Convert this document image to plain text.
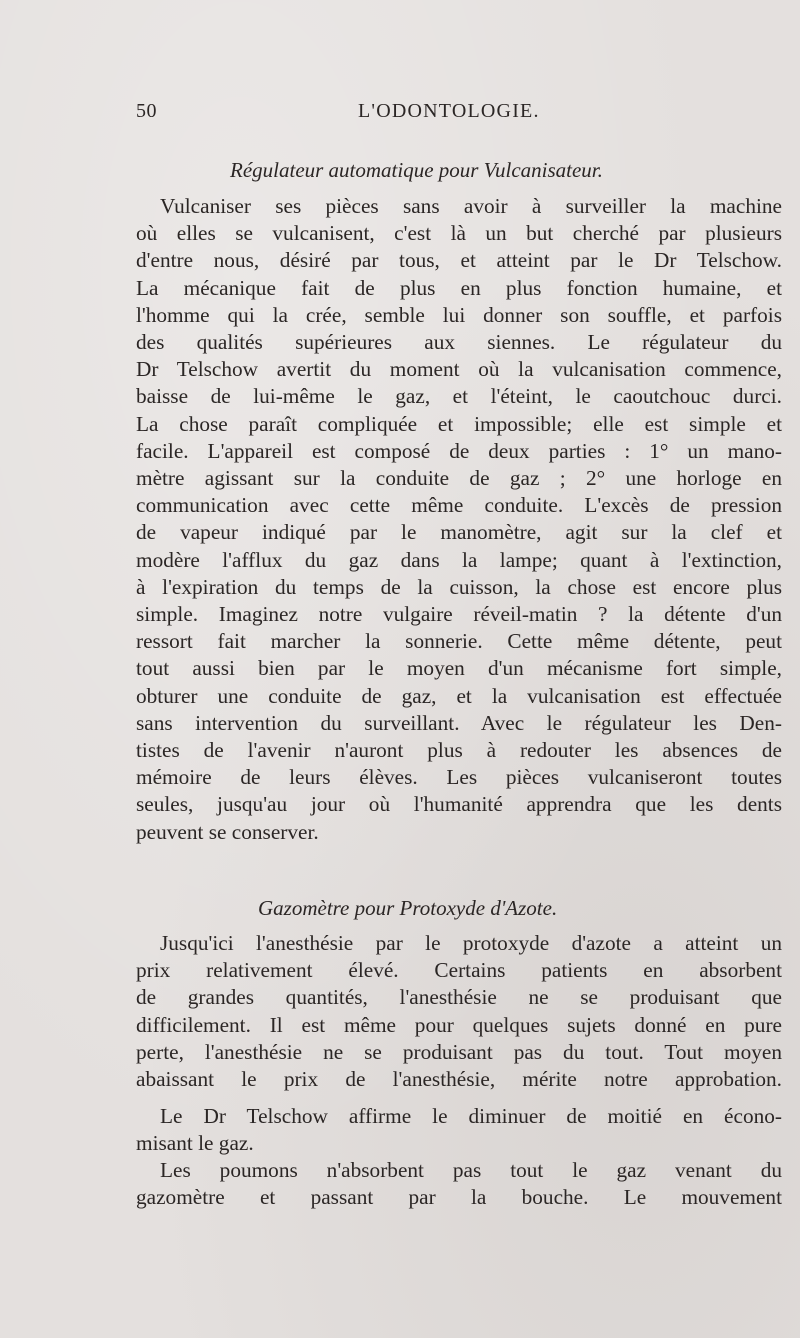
50	L'ODONTOLOGIE.
Régulateur automatique pour Vulcanisateur.

Vulcaniser ses pièces sans avoir à surveiller la machine
où elles se vulcanisent, c'est là un but cherché par plusieurs
d'entre nous, désiré par tous, et atteint par le Dr Telschow.
La mécanique fait de plus en plus fonction humaine, et
l'homme qui la crée, semble lui donner son souffle, et parfois
des qualités supérieures aux siennes. Le régulateur du
Dr Telschow avertit du moment où la vulcanisation commence,
baisse de lui-même le gaz, et l'éteint, le caoutchouc durci.
La chose paraît compliquée et impossible; elle est simple et
facile. L'appareil est composé de deux parties : 1° un mano-
mètre agissant sur la conduite de gaz ; 2° une horloge en
communication avec cette même conduite. L'excès de pression
de vapeur indiqué par le manomètre, agit sur la clef et
modère l'afflux du gaz dans la lampe; quant à l'extinction,
à l'expiration du temps de la cuisson, la chose est encore plus
simple. Imaginez notre vulgaire réveil-matin ? la détente d'un
ressort fait marcher la sonnerie. Cette même détente, peut
tout aussi bien par le moyen d'un mécanisme fort simple,
obturer une conduite de gaz, et la vulcanisation est effectuée
sans intervention du surveillant. Avec le régulateur les Den-
tistes de l'avenir n'auront plus à redouter les absences de
mémoire de leurs élèves. Les pièces vulcaniseront toutes
seules, jusqu'au jour où l'humanité apprendra que les dents
peuvent se conserver.

Gazomètre pour Protoxyde d'Azote.

Jusqu'ici l'anesthésie par le protoxyde d'azote a atteint un
prix relativement élevé. Certains patients en absorbent
de grandes quantités, l'anesthésie ne se produisant que
difficilement. Il est même pour quelques sujets donné en pure
perte, l'anesthésie ne se produisant pas du tout. Tout moyen
abaissant le prix de l'anesthésie, mérite notre approbation.

Le Dr Telschow affirme le diminuer de moitié en écono-
misant le gaz.

Les poumons n'absorbent pas tout le gaz venant du
gazomètre et passant par la bouche. Le mouvement
